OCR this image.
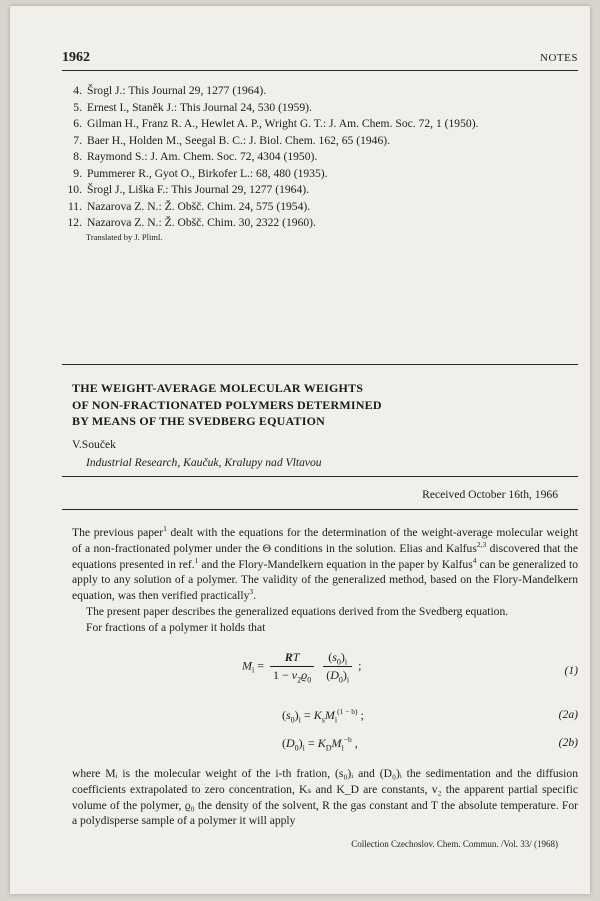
1962	NOTES
4. Šrogl J.: This Journal 29, 1277 (1964).
5. Ernest I., Staněk J.: This Journal 24, 530 (1959).
6. Gilman H., Franz R. A., Hewlet A. P., Wright G. T.: J. Am. Chem. Soc. 72, 1 (1950).
7. Baer H., Holden M., Seegal B. C.: J. Biol. Chem. 162, 65 (1946).
8. Raymond S.: J. Am. Chem. Soc. 72, 4304 (1950).
9. Pummerer R., Gyot O., Birkofer L.: 68, 480 (1935).
10. Šrogl J., Liška F.: This Journal 29, 1277 (1964).
11. Nazarova Z. N.: Ž. Obšč. Chim. 24, 575 (1954).
12. Nazarova Z. N.: Ž. Obšč. Chim. 30, 2322 (1960).
Translated by J. Pliml.
THE WEIGHT-AVERAGE MOLECULAR WEIGHTS
OF NON-FRACTIONATED POLYMERS DETERMINED
BY MEANS OF THE SVEDBERG EQUATION
V.Souček
Industrial Research, Kaučuk, Kralupy nad Vltavou
Received October 16th, 1966
The previous paper$^1$ dealt with the equations for the determination of the weight-average molecular weight of a non-fractionated polymer under the Θ conditions in the solution. Elias and Kalfus$^{2,3}$ discovered that the equations presented in ref.$^1$ and the Flory-Mandelkern equation in the paper by Kalfus$^4$ can be generalized to apply to any solution of a polymer. The validity of the generalized method, based on the Flory-Mandelkern equation, was then verified practically$^3$.
The present paper describes the generalized equations derived from the Svedberg equation.
For fractions of a polymer it holds that
$M_i = \frac{RT}{1 - v_2ϱ_0}$
$\frac{(s_0)_i}{(D_0)_i}$ ;	(1)
$(s_0)_i = K_sM_i^{(1 - b)}$ ;	(2a)
$(D_0)_i = K_DM_i^{-b}$ ,	(2b)
where Mᵢ is the molecular weight of the i-th fration, (s₀)ᵢ and (D₀)ᵢ the sedimentation and the diffusion coefficients extrapolated to zero concentration, Kₛ and K_D are constants, v₂ the apparent partial specific volume of the polymer, ϱ₀ the density of the solvent, R the gas constant and T the absolute temperature. For a polydisperse sample of a polymer it will apply
Collection Czechoslov. Chem. Commun. /Vol. 33/ (1968)
